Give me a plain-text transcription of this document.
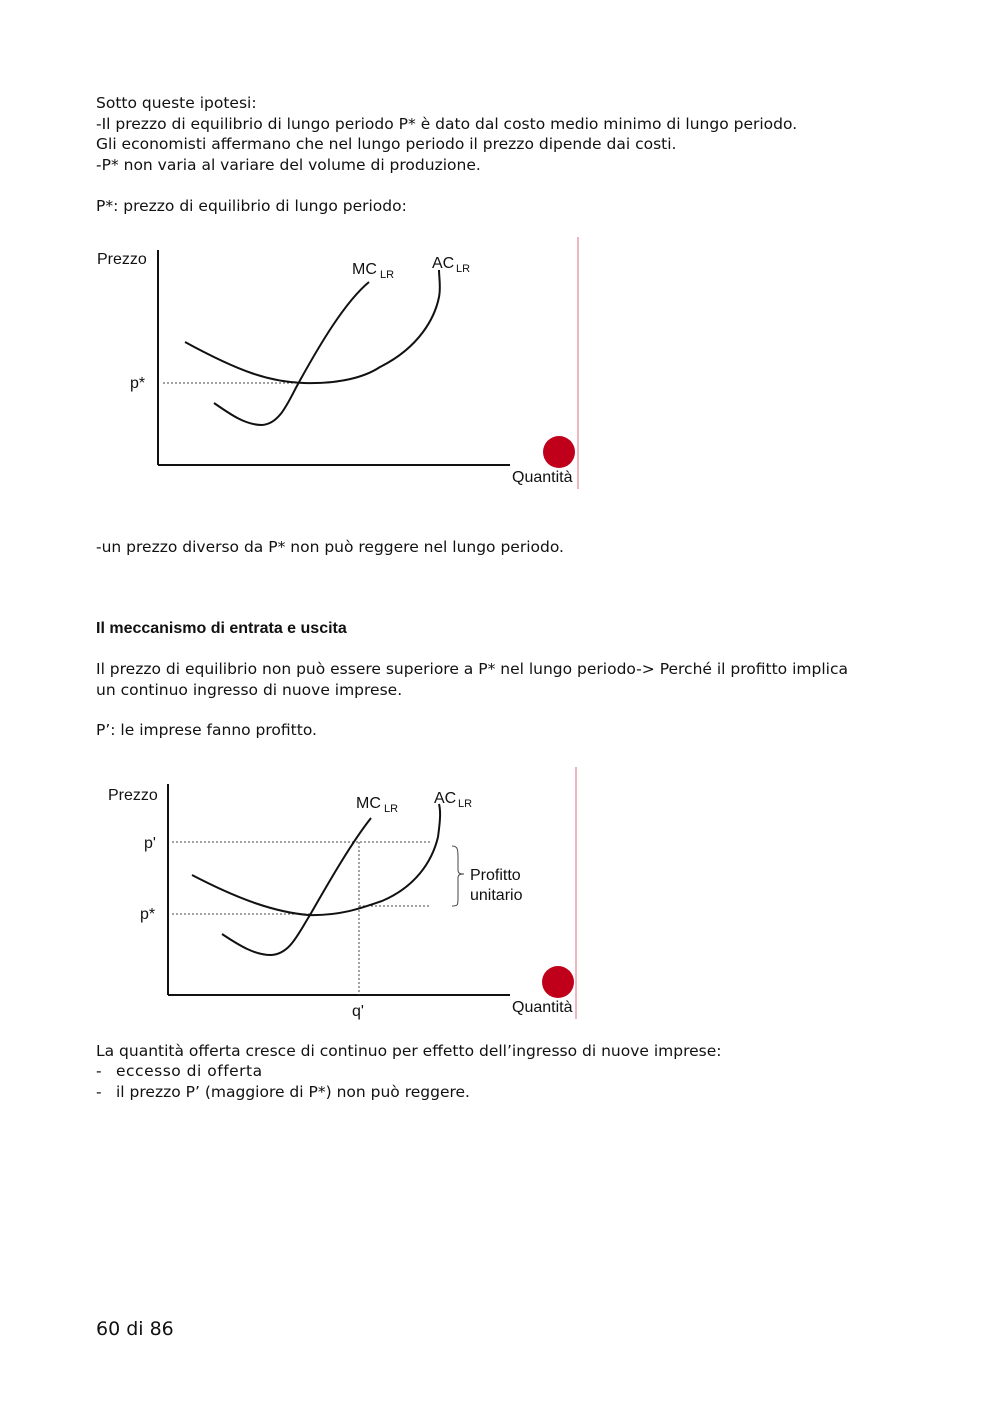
Sotto queste ipotesi:
-Il prezzo di equilibrio di lungo periodo P* è dato dal costo medio minimo di lungo periodo.
Gli economisti affermano che nel lungo periodo il prezzo dipende dai costi.
-P* non varia al variare del volume di produzione.
P*: prezzo di equilibrio di lungo periodo:
Prezzo
Quantità
p*
MC LR
AC LR
-un prezzo diverso da P* non può reggere nel lungo periodo.
Il meccanismo di entrata e uscita
Il prezzo di equilibrio non può essere superiore a P* nel lungo periodo-> Perché il profitto implica
un continuo ingresso di nuove imprese.
P’: le imprese fanno profitto.
Prezzo
Quantità
p'
p*
q'
Profitto
unitario
MC LR
AC LR
La quantità offerta cresce di continuo per effetto dell’ingresso di nuove imprese:
- eccesso di offerta
- il prezzo P’ (maggiore di P*) non può reggere.
60 di 86
